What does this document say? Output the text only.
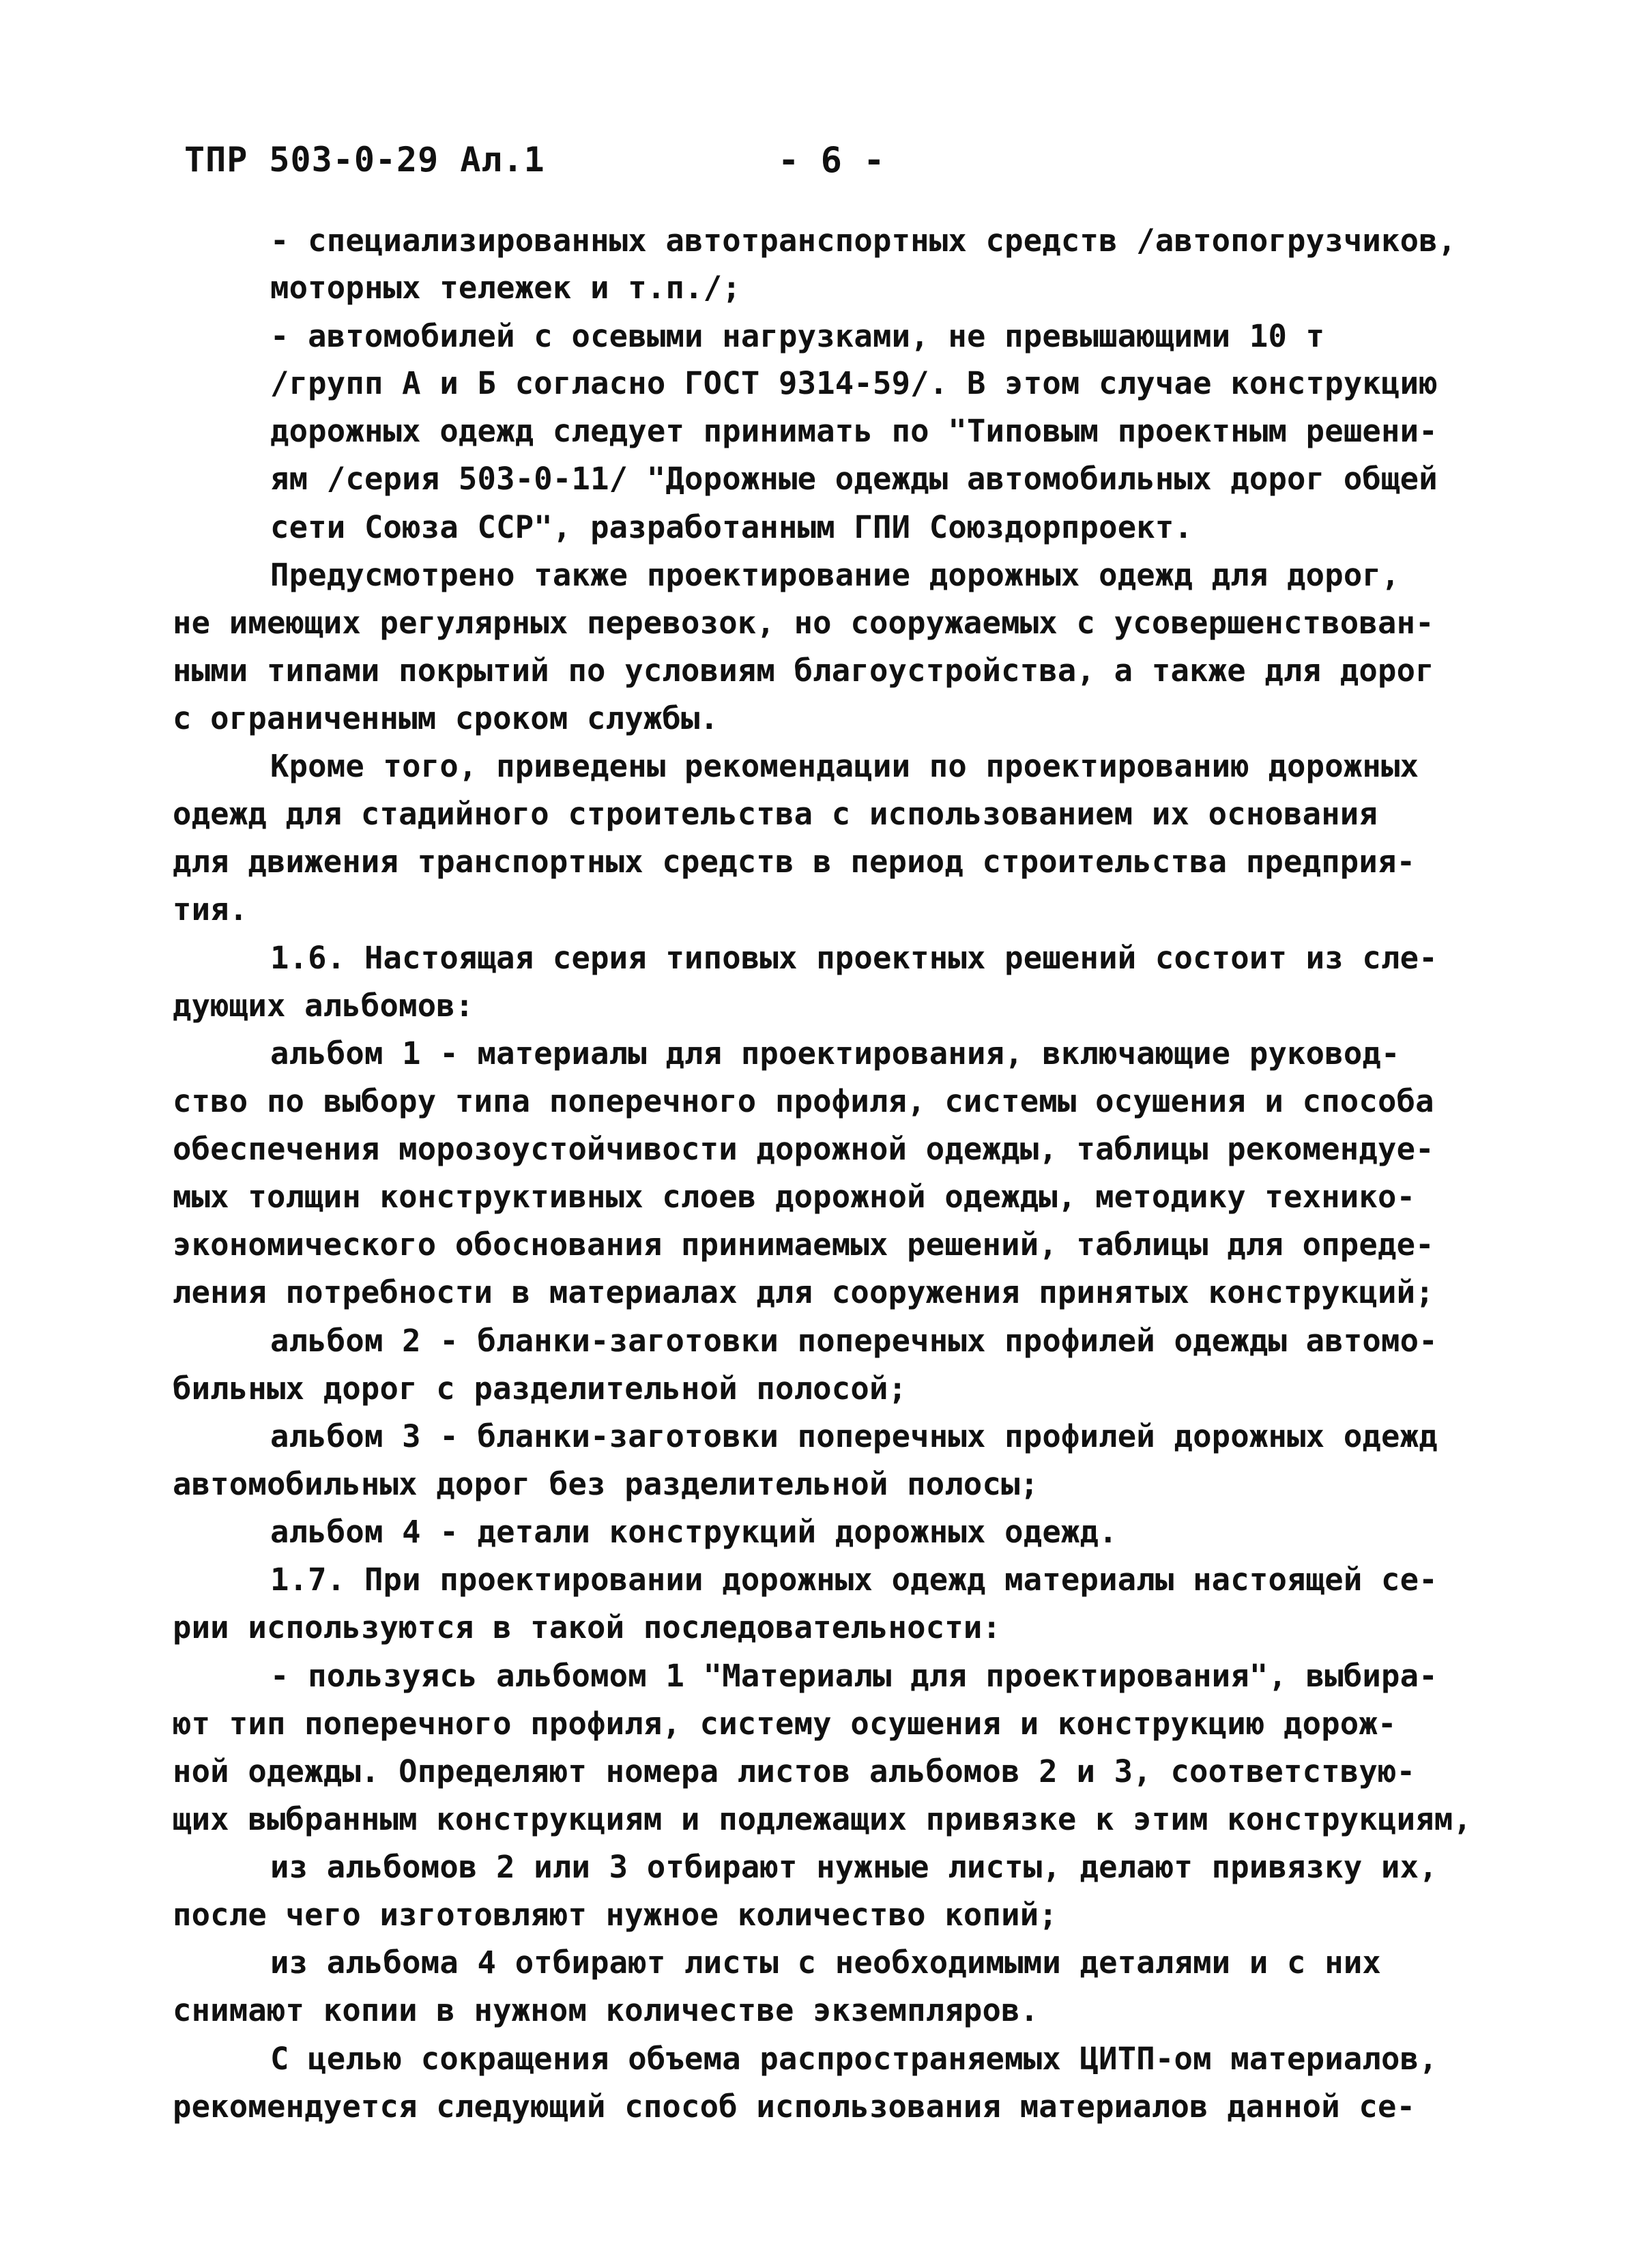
ТПР 503-0-29 Ал.1	- 6 -
- специализированных автотранспортных средств /автопогрузчиков,
моторных тележек и т.п./;
- автомобилей с осевыми нагрузками, не превышающими 10 т
/групп А и Б согласно ГОСТ 9314-59/. В этом случае конструкцию
дорожных одежд следует принимать по "Типовым проектным решени-
ям /серия 503-0-11/ "Дорожные одежды автомобильных дорог общей
сети Союза ССР", разработанным ГПИ Союздорпроект.
Предусмотрено также проектирование дорожных одежд для дорог,
не имеющих регулярных перевозок, но сооружаемых с усовершенствован-
ными типами покрытий по условиям благоустройства, а также для дорог
с ограниченным сроком службы.
Кроме того, приведены рекомендации по проектированию дорожных
одежд для стадийного строительства с использованием их основания
для движения транспортных средств в период строительства предприя-
тия.
1.6. Настоящая серия типовых проектных решений состоит из сле-
дующих альбомов:
альбом 1 - материалы для проектирования, включающие руковод-
ство по выбору типа поперечного профиля, системы осушения и способа
обеспечения морозоустойчивости дорожной одежды, таблицы рекомендуе-
мых толщин конструктивных слоев дорожной одежды, методику технико-
экономического обоснования принимаемых решений, таблицы для опреде-
ления потребности в материалах для сооружения принятых конструкций;
альбом 2 - бланки-заготовки поперечных профилей одежды автомо-
бильных дорог с разделительной полосой;
альбом 3 - бланки-заготовки поперечных профилей дорожных одежд
автомобильных дорог без разделительной полосы;
альбом 4 - детали конструкций дорожных одежд.
1.7. При проектировании дорожных одежд материалы настоящей се-
рии используются в такой последовательности:
- пользуясь альбомом 1 "Материалы для проектирования", выбира-
ют тип поперечного профиля, систему осушения и конструкцию дорож-
ной одежды. Определяют номера листов альбомов 2 и 3, соответствую-
щих выбранным конструкциям и подлежащих привязке к этим конструкциям,
из альбомов 2 или 3 отбирают нужные листы, делают привязку их,
после чего изготовляют нужное количество копий;
из альбома 4 отбирают листы с необходимыми деталями и с них
снимают копии в нужном количестве экземпляров.
С целью сокращения объема распространяемых ЦИТП-ом материалов,
рекомендуется следующий способ использования материалов данной се-
